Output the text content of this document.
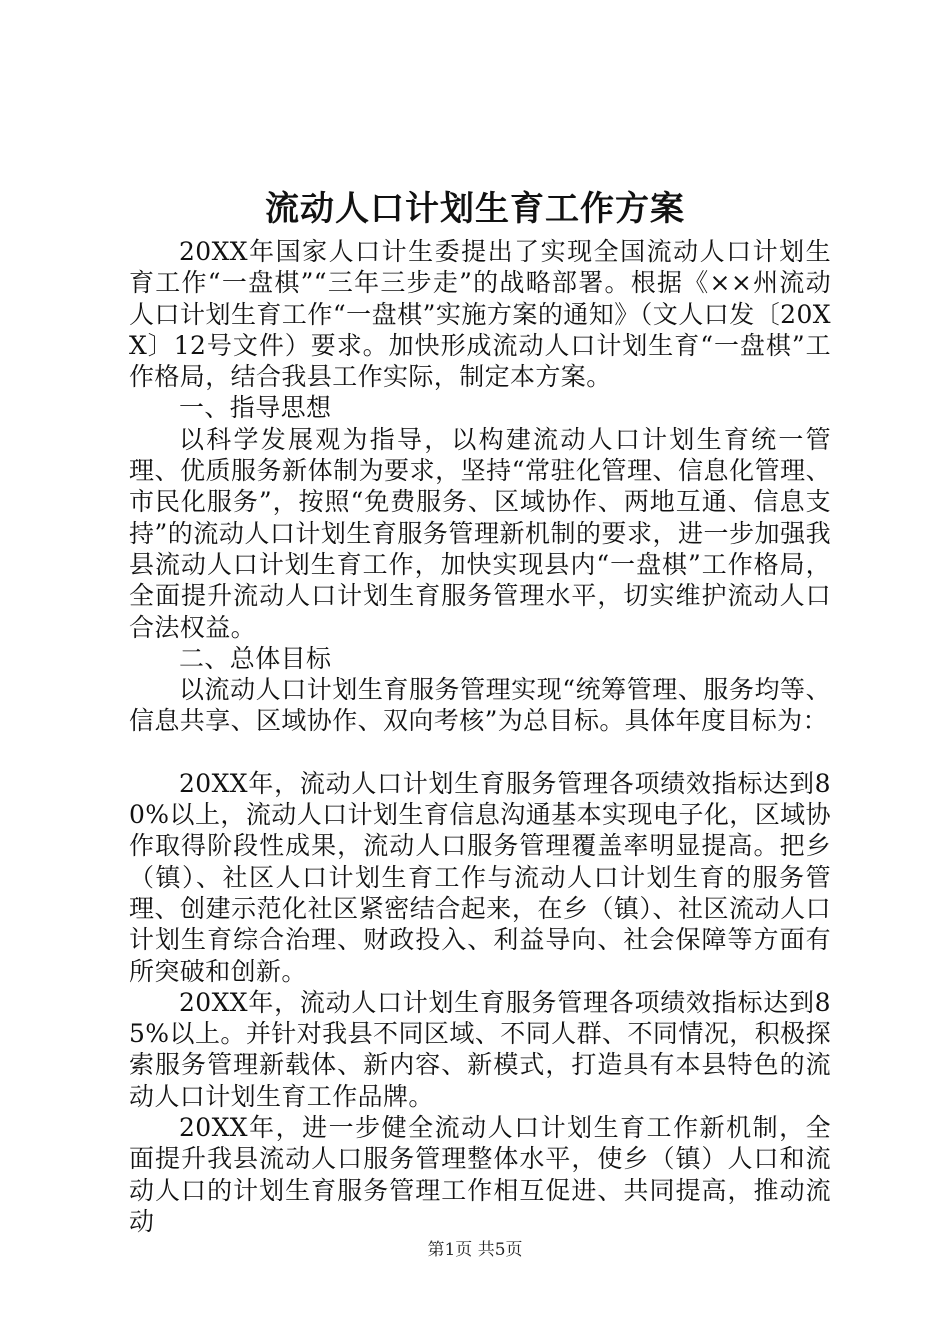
流动人口计划生育工作方案

20XX年国家人口计生委提出了实现全国流动人口计划生育工作“一盘棋”“三年三步走”的战略部署。根据《××州流动人口计划生育工作“一盘棋”实施方案的通知》（文人口发〔20XX〕12号文件）要求。加快形成流动人口计划生育“一盘棋”工作格局，结合我县工作实际，制定本方案。

一、指导思想

以科学发展观为指导，以构建流动人口计划生育统一管理、优质服务新体制为要求，坚持“常驻化管理、信息化管理、市民化服务”，按照“免费服务、区域协作、两地互通、信息支持”的流动人口计划生育服务管理新机制的要求，进一步加强我县流动人口计划生育工作，加快实现县内“一盘棋”工作格局，全面提升流动人口计划生育服务管理水平，切实维护流动人口合法权益。

二、总体目标

以流动人口计划生育服务管理实现“统筹管理、服务均等、信息共享、区域协作、双向考核”为总目标。具体年度目标为：

20XX年，流动人口计划生育服务管理各项绩效指标达到80%以上，流动人口计划生育信息沟通基本实现电子化，区域协作取得阶段性成果，流动人口服务管理覆盖率明显提高。把乡（镇）、社区人口计划生育工作与流动人口计划生育的服务管理、创建示范化社区紧密结合起来，在乡（镇）、社区流动人口计划生育综合治理、财政投入、利益导向、社会保障等方面有所突破和创新。

20XX年，流动人口计划生育服务管理各项绩效指标达到85%以上。并针对我县不同区域、不同人群、不同情况，积极探索服务管理新载体、新内容、新模式，打造具有本县特色的流动人口计划生育工作品牌。

20XX年，进一步健全流动人口计划生育工作新机制，全面提升我县流动人口服务管理整体水平，使乡（镇）人口和流动人口的计划生育服务管理工作相互促进、共同提高，推动流动

第1页 共5页
